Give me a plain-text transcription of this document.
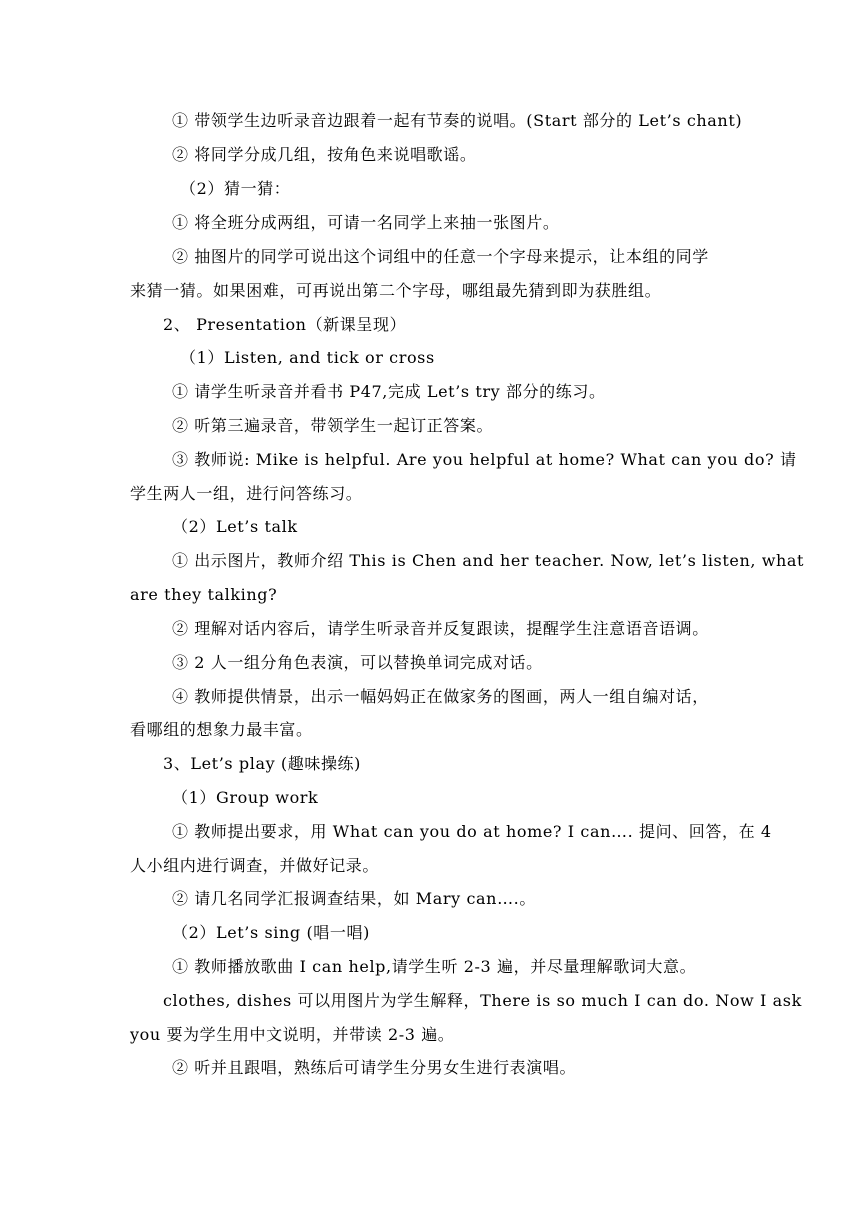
① 带领学生边听录音边跟着一起有节奏的说唱。(Start 部分的 Let’s chant)
② 将同学分成几组，按角色来说唱歌谣。
（2）猜一猜：
① 将全班分成两组，可请一名同学上来抽一张图片。
② 抽图片的同学可说出这个词组中的任意一个字母来提示，让本组的同学
来猜一猜。如果困难，可再说出第二个字母，哪组最先猜到即为获胜组。
2、 Presentation（新课呈现）
（1）Listen, and tick or cross
① 请学生听录音并看书 P47,完成 Let’s try 部分的练习。
② 听第三遍录音，带领学生一起订正答案。
③ 教师说: Mike is helpful. Are you helpful at home? What can you do? 请
学生两人一组，进行问答练习。
（2）Let’s talk
① 出示图片，教师介绍 This is Chen and her teacher. Now, let’s listen, what
are they talking?
② 理解对话内容后，请学生听录音并反复跟读，提醒学生注意语音语调。
③ 2 人一组分角色表演，可以替换单词完成对话。
④ 教师提供情景，出示一幅妈妈正在做家务的图画，两人一组自编对话，
看哪组的想象力最丰富。
3、Let’s play (趣味操练)
（1）Group work
① 教师提出要求，用 What can you do at home? I can…. 提问、回答，在 4
人小组内进行调查，并做好记录。
② 请几名同学汇报调查结果，如 Mary can….。
（2）Let’s sing (唱一唱)
① 教师播放歌曲 I can help,请学生听 2-3 遍，并尽量理解歌词大意。
clothes, dishes 可以用图片为学生解释，There is so much I can do. Now I ask
you 要为学生用中文说明，并带读 2-3 遍。
② 听并且跟唱，熟练后可请学生分男女生进行表演唱。
